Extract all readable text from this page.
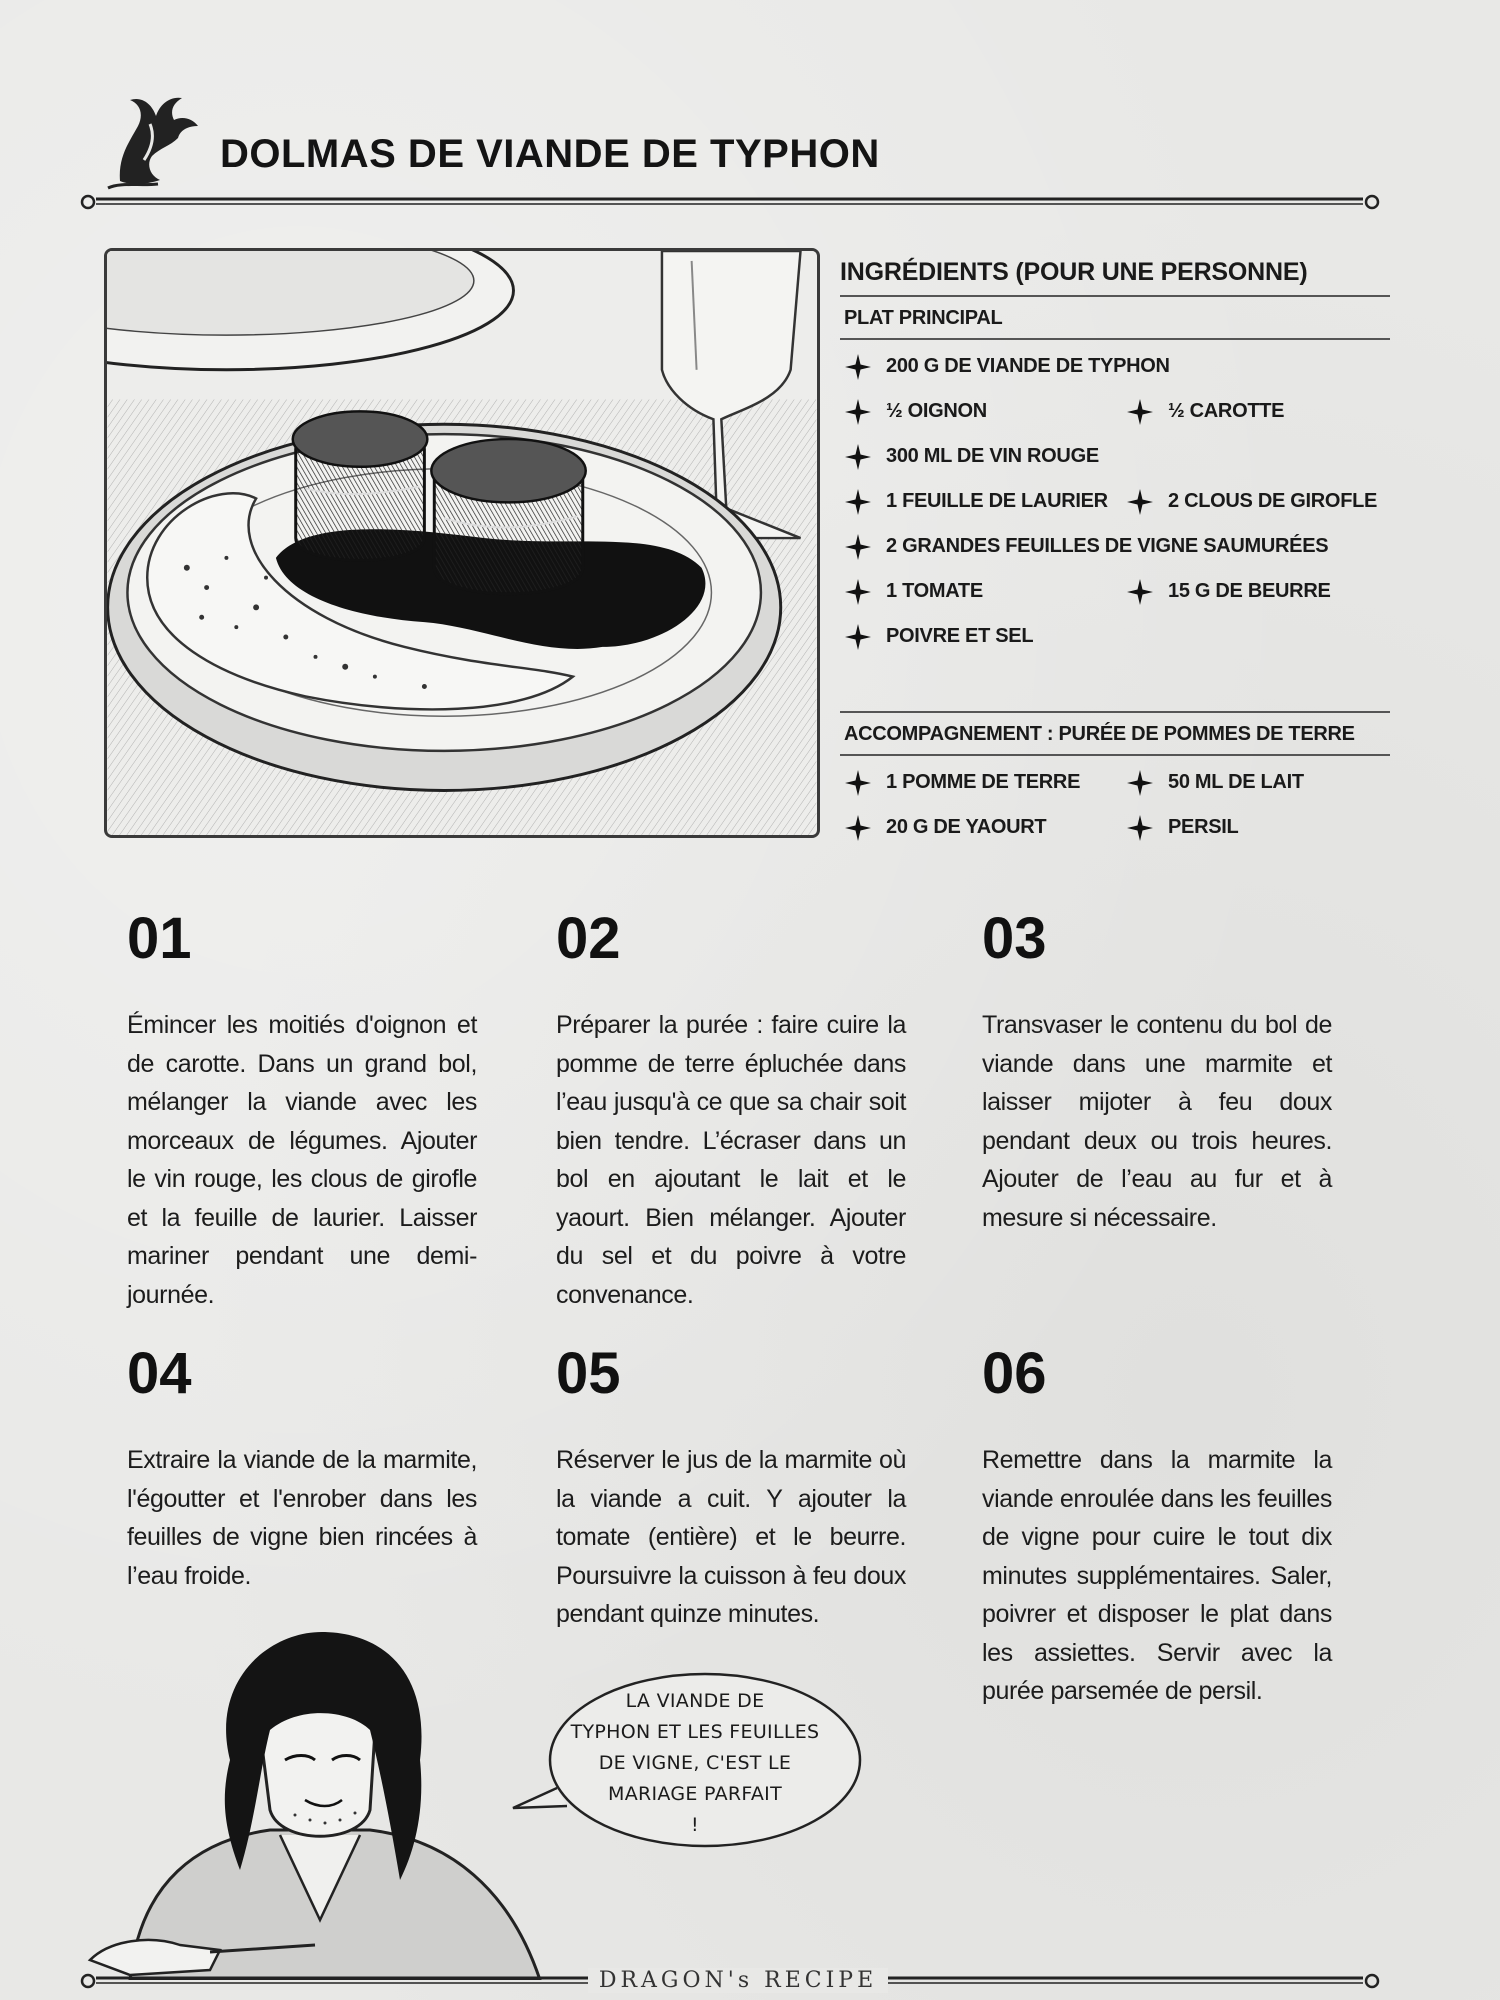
DOLMAS DE VIANDE DE TYPHON
INGRÉDIENTS (POUR UNE PERSONNE)
PLAT PRINCIPAL
200 G DE VIANDE DE TYPHON
½ OIGNON	½ CAROTTE
300 ML DE VIN ROUGE
1 FEUILLE DE LAURIER	2 CLOUS DE GIROFLE
2 GRANDES FEUILLES DE VIGNE SAUMURÉES
1 TOMATE	15 G DE BEURRE
POIVRE ET SEL
ACCOMPAGNEMENT : PURÉE DE POMMES DE TERRE
1 POMME DE TERRE	50 ML DE LAIT
20 G DE YAOURT	PERSIL
01
Émincer les moitiés d'oignon et de carotte. Dans un grand bol, mélanger la viande avec les morceaux de légumes. Ajouter le vin rouge, les clous de girofle et la feuille de laurier. Laisser mariner pendant une demi-journée.
02
Préparer la purée : faire cuire la pomme de terre épluchée dans l’eau jusqu'à ce que sa chair soit bien tendre. L’écraser dans un bol en ajoutant le lait et le yaourt. Bien mélanger. Ajouter du sel et du poivre à votre convenance.
03
Transvaser le contenu du bol de viande dans une marmite et laisser mijoter à feu doux pendant deux ou trois heures. Ajouter de l’eau au fur et à mesure si nécessaire.
04
Extraire la viande de la marmite, l'égoutter et l'enrober dans les feuilles de vigne bien rincées à l’eau froide.
05
Réserver le jus de la marmite où la viande a cuit. Y ajouter la tomate (entière) et le beurre. Poursuivre la cuisson à feu doux pendant quinze minutes.
06
Remettre dans la marmite la viande enroulée dans les feuilles de vigne pour cuire le tout dix minutes supplémentaires. Saler, poivrer et disposer le plat dans les assiettes. Servir avec la purée parsemée de persil.
LA VIANDE DE
TYPHON ET LES FEUILLES
DE VIGNE, C'EST LE
MARIAGE PARFAIT
!
DRAGON's RECIPE
